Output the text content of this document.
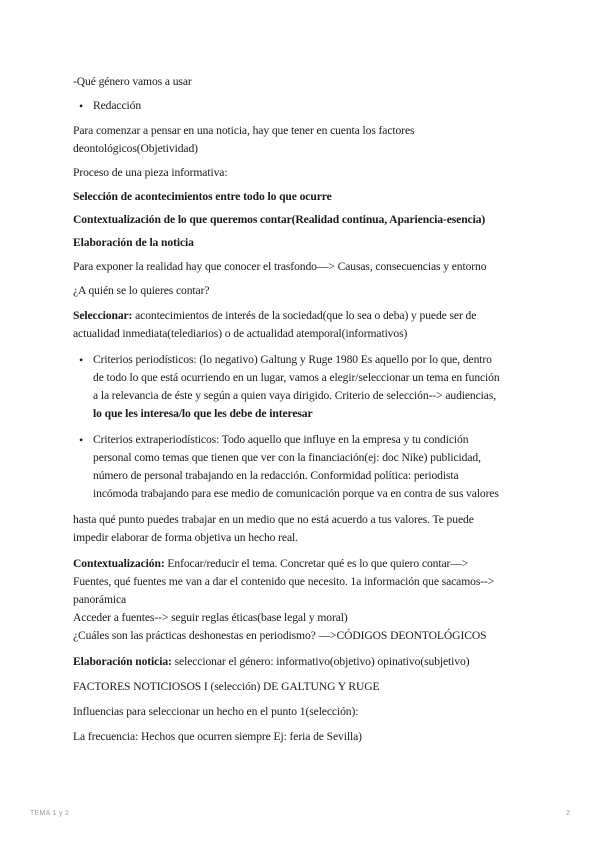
-Qué género vamos a usar

• Redacción

Para comenzar a pensar en una noticia, hay que tener en cuenta los factores
deontológicos(Objetividad)

Proceso de una pieza informativa:

Selección de acontecimientos entre todo lo que ocurre

Contextualización de lo que queremos contar(Realidad continua, Apariencia-esencia)

Elaboración de la noticia

Para exponer la realidad hay que conocer el trasfondo—> Causas, consecuencias y entorno

¿A quién se lo quieres contar?

Seleccionar: acontecimientos de interés de la sociedad(que lo sea o deba) y puede ser de
actualidad inmediata(telediarios) o de actualidad atemporal(informativos)

• Criterios periodísticos: (lo negativo) Galtung y Ruge 1980 Es aquello por lo que, dentro
de todo lo que está ocurriendo en un lugar, vamos a elegir/seleccionar un tema en función
a la relevancia de éste y según a quien vaya dirigido. Criterio de selección--> audiencias,
lo que les interesa/lo que les debe de interesar
• Criterios extraperiodísticos: Todo aquello que influye en la empresa y tu condición
personal como temas que tienen que ver con la financiación(ej: doc Nike) publicidad,
número de personal trabajando en la redacción. Conformidad política: periodista
incómoda trabajando para ese medio de comunicación porque va en contra de sus valores

hasta qué punto puedes trabajar en un medio que no está acuerdo a tus valores. Te puede
impedir elaborar de forma objetiva un hecho real.

Contextualización: Enfocar/reducir el tema. Concretar qué es lo que quiero contar—>
Fuentes, qué fuentes me van a dar el contenido que necesito. 1a información que sacamos-->
panorámica
Acceder a fuentes--> seguir reglas éticas(base legal y moral)
¿Cuáles son las prácticas deshonestas en periodismo? —>CÓDIGOS DEONTOLÓGICOS

Elaboración noticia: seleccionar el género: informativo(objetivo) opinativo(subjetivo)

FACTORES NOTICIOSOS I (selección) DE GALTUNG Y RUGE

Influencias para seleccionar un hecho en el punto 1(selección):

La frecuencia: Hechos que ocurren siempre Ej: feria de Sevilla)

TEMA 1 y 2	2
